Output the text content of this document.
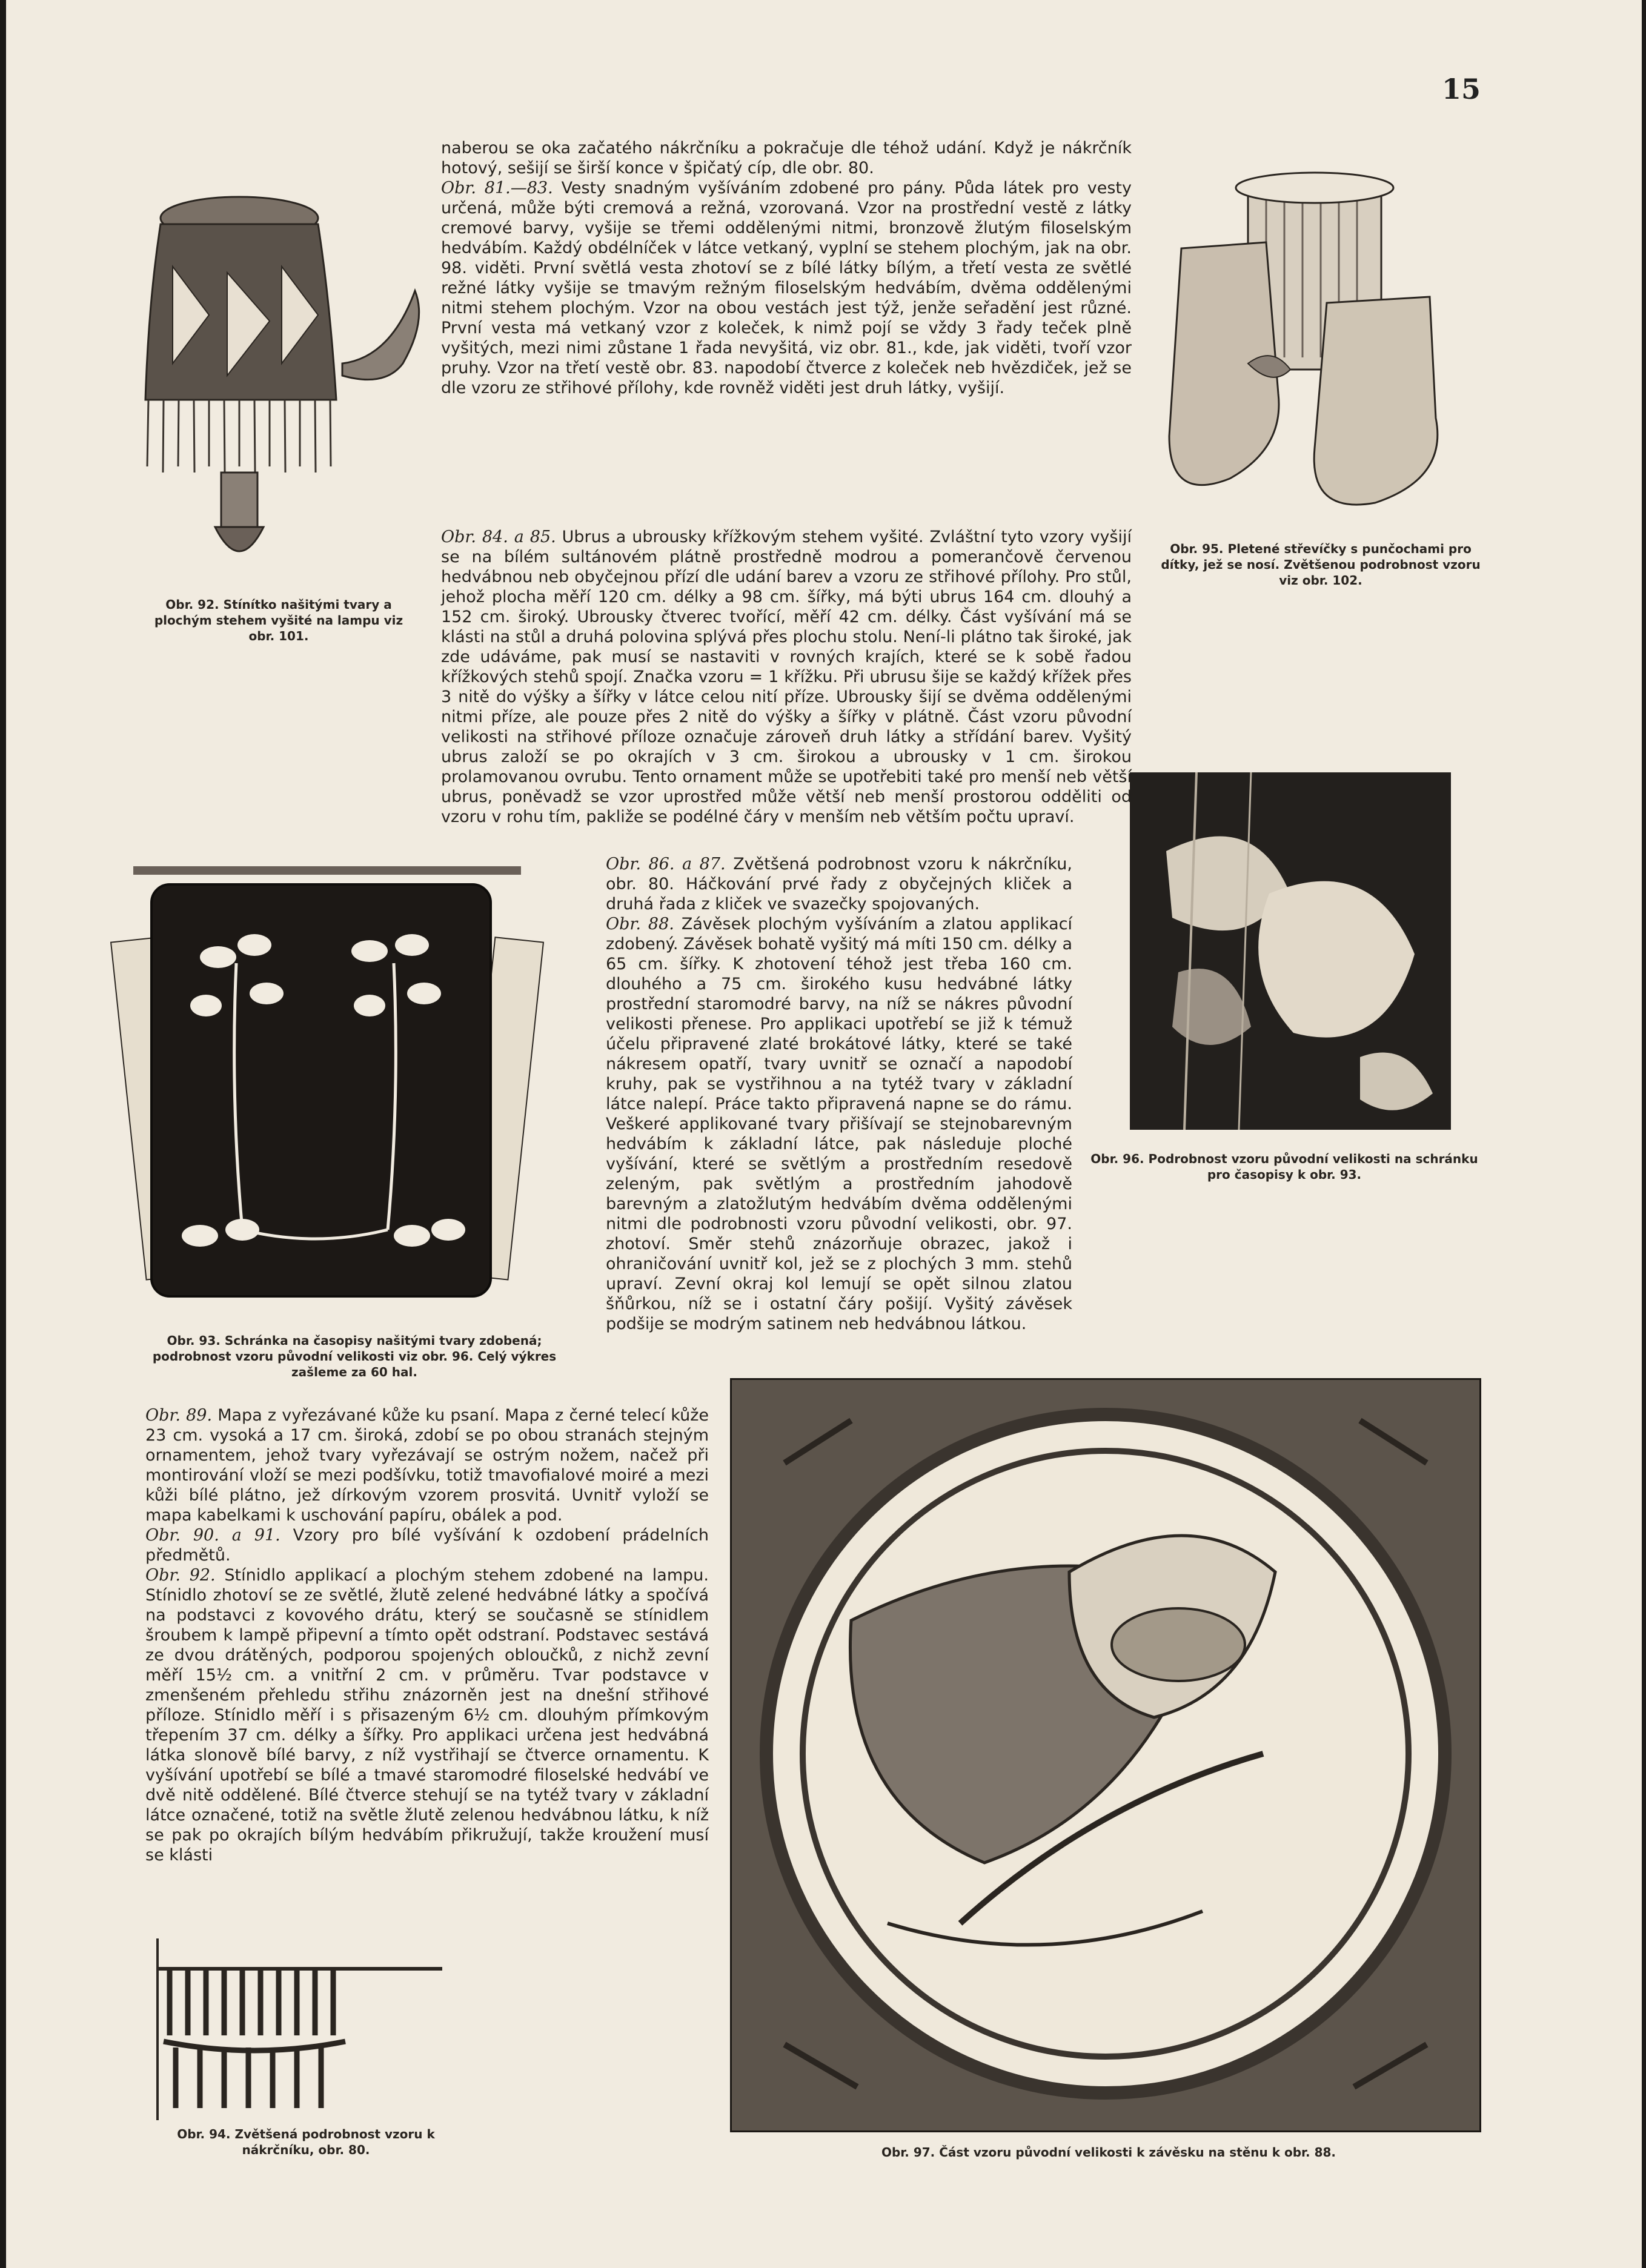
15
Obr. 92. Stínítko našitými tvary a plochým stehem vyšité na lampu viz obr. 101.
Obr. 95. Pletené střevíčky s punčochami pro dítky, jež se nosí. Zvětšenou podrobnost vzoru viz obr. 102.
Obr. 93. Schránka na časopisy našitými tvary zdobená; podrobnost vzoru původní velikosti viz obr. 96. Celý výkres zašleme za 60 hal.
Obr. 96. Podrobnost vzoru původní velikosti na schránku pro časopisy k obr. 93.
Obr. 94. Zvětšená podrobnost vzoru k nákrčníku, obr. 80.	Obr. 97. Část vzoru původní velikosti k závěsku na stěnu k obr. 88.

naberou se oka začatého nákrčníku a pokračuje dle téhož udání. Když je nákrčník hotový, sešijí se širší konce v špičatý cíp, dle obr. 80.

Obr. 81.—83. Vesty snadným vyšíváním zdobené pro pány. Půda látek pro vesty určená, může býti cremová a režná, vzorovaná. Vzor na prostřední vestě z látky cremové barvy, vyšije se třemi oddělenými nitmi, bronzově žlutým filoselským hedvábím. Každý obdélníček v látce vetkaný, vyplní se stehem plochým, jak na obr. 98. viděti. První světlá vesta zhotoví se z bílé látky bílým, a třetí vesta ze světlé režné látky vyšije se tmavým režným filoselským hedvábím, dvěma oddělenými nitmi stehem plochým. Vzor na obou vestách jest týž, jenže seřadění jest různé. První vesta má vetkaný vzor z koleček, k nimž pojí se vždy 3 řady teček plně vyšitých, mezi nimi zůstane 1 řada nevyšitá, viz obr. 81., kde, jak viděti, tvoří vzor pruhy. Vzor na třetí vestě obr. 83. napodobí čtverce z koleček neb hvězdiček, jež se dle vzoru ze střihové přílohy, kde rovněž viděti jest druh látky, vyšijí.

Obr. 84. a 85. Ubrus a ubrousky křížkovým stehem vyšité. Zvláštní tyto vzory vyšijí se na bílém sultánovém plátně prostředně modrou a pomerančově červenou hedvábnou neb obyčejnou přízí dle udání barev a vzoru ze střihové přílohy. Pro stůl, jehož plocha měří 120 cm. délky a 98 cm. šířky, má býti ubrus 164 cm. dlouhý a 152 cm. široký. Ubrousky čtverec tvořící, měří 42 cm. délky. Část vyšívání má se klásti na stůl a druhá polovina splývá přes plochu stolu. Není-li plátno tak široké, jak zde udáváme, pak musí se nastaviti v rovných krajích, které se k sobě řadou křížkových stehů spojí. Značka vzoru = 1 křížku. Při ubrusu šije se každý křížek přes 3 nitě do výšky a šířky v látce celou nití příze. Ubrousky šijí se dvěma oddělenými nitmi příze, ale pouze přes 2 nitě do výšky a šířky v plátně. Část vzoru původní velikosti na střihové příloze označuje zároveň druh látky a střídání barev. Vyšitý ubrus založí se po okrajích v 3 cm. širokou a ubrousky v 1 cm. širokou prolamovanou ovrubu. Tento ornament může se upotřebiti také pro menší neb větší ubrus, poněvadž se vzor uprostřed může větší neb menší prostorou odděliti od vzoru v rohu tím, pakliže se podélné čáry v menším neb větším počtu upraví.

Obr. 86. a 87. Zvětšená podrobnost vzoru k nákrčníku, obr. 80. Háčkování prvé řady z obyčejných kliček a druhá řada z kliček ve svazečky spojovaných.

Obr. 88. Závěsek plochým vyšíváním a zlatou applikací zdobený. Závěsek bohatě vyšitý má míti 150 cm. délky a 65 cm. šířky. K zhotovení téhož jest třeba 160 cm. dlouhého a 75 cm. širokého kusu hedvábné látky prostřední staromodré barvy, na níž se nákres původní velikosti přenese. Pro applikaci upotřebí se již k témuž účelu připravené zlaté brokátové látky, které se také nákresem opatří, tvary uvnitř se označí a napodobí kruhy, pak se vystřihnou a na tytéž tvary v základní látce nalepí. Práce takto připravená napne se do rámu. Veškeré applikované tvary přišívají se stejnobarevným hedvábím k základní látce, pak následuje ploché vyšívání, které se světlým a prostředním resedově zeleným, pak světlým a prostředním jahodově barevným a zlatožlutým hedvábím dvěma oddělenými nitmi dle podrobnosti vzoru původní velikosti, obr. 97. zhotoví. Směr stehů znázorňuje obrazec, jakož i ohraničování uvnitř kol, jež se z plochých 3 mm. stehů upraví. Zevní okraj kol lemují se opět silnou zlatou šňůrkou, níž se i ostatní čáry pošijí. Vyšitý závěsek podšije se modrým satinem neb hedvábnou látkou.

Obr. 89. Mapa z vyřezávané kůže ku psaní. Mapa z černé telecí kůže 23 cm. vysoká a 17 cm. široká, zdobí se po obou stranách stejným ornamentem, jehož tvary vyřezávají se ostrým nožem, načež při montirování vloží se mezi podšívku, totiž tmavofialové moiré a mezi kůži bílé plátno, jež dírkovým vzorem prosvitá. Uvnitř vyloží se mapa kabelkami k uschování papíru, obálek a pod.

Obr. 90. a 91. Vzory pro bílé vyšívání k ozdobení prádelních předmětů.

Obr. 92. Stínidlo applikací a plochým stehem zdobené na lampu. Stínidlo zhotoví se ze světlé, žlutě zelené hedvábné látky a spočívá na podstavci z kovového drátu, který se současně se stínidlem šroubem k lampě připevní a tímto opět odstraní. Podstavec sestává ze dvou drátěných, podporou spojených obloučků, z nichž zevní měří 15½ cm. a vnitřní 2 cm. v průměru. Tvar podstavce v zmenšeném přehledu střihu znázorněn jest na dnešní střihové příloze. Stínidlo měří i s přisazeným 6½ cm. dlouhým přímkovým třepením 37 cm. délky a šířky. Pro applikaci určena jest hedvábná látka slonově bílé barvy, z níž vystřihají se čtverce ornamentu. K vyšívání upotřebí se bílé a tmavé staromodré filoselské hedvábí ve dvě nitě oddělené. Bílé čtverce stehují se na tytéž tvary v základní látce označené, totiž na světle žlutě zelenou hedvábnou látku, k níž se pak po okrajích bílým hedvábím přikružují, takže kroužení musí se klásti
